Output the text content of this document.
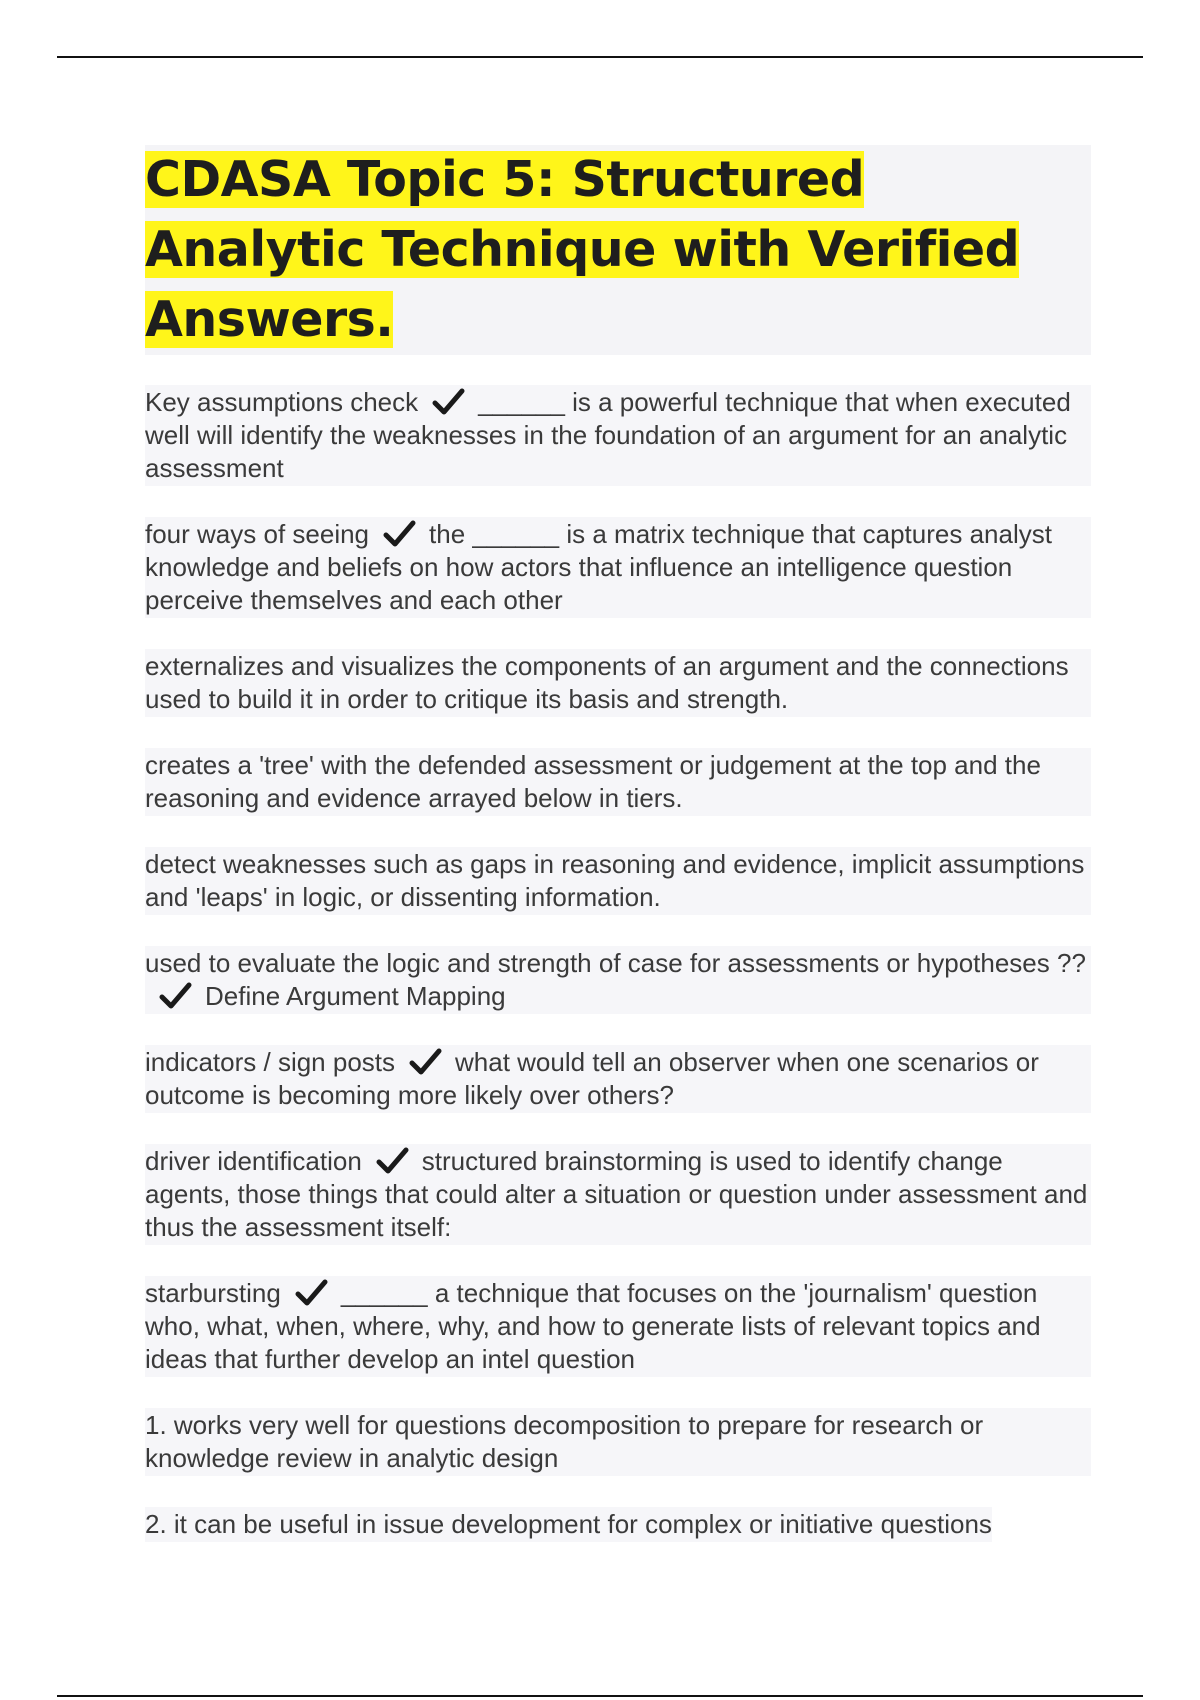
CDASA Topic 5: Structured Analytic Technique with Verified Answers.
Key assumptions check ______ is a powerful technique that when executed well will identify the weaknesses in the foundation of an argument for an analytic assessment
four ways of seeing the ______ is a matrix technique that captures analyst knowledge and beliefs on how actors that influence an intelligence question perceive themselves and each other
externalizes and visualizes the components of an argument and the connections used to build it in order to critique its basis and strength.
creates a 'tree' with the defended assessment or judgement at the top and the reasoning and evidence arrayed below in tiers.
detect weaknesses such as gaps in reasoning and evidence, implicit assumptions and 'leaps' in logic, or dissenting information.
used to evaluate the logic and strength of case for assessments or hypotheses ??
Define Argument Mapping
indicators / sign posts what would tell an observer when one scenarios or outcome is becoming more likely over others?
driver identification structured brainstorming is used to identify change agents, those things that could alter a situation or question under assessment and thus the assessment itself:
starbursting ______ a technique that focuses on the 'journalism' question who, what, when, where, why, and how to generate lists of relevant topics and ideas that further develop an intel question
1. works very well for questions decomposition to prepare for research or knowledge review in analytic design
2. it can be useful in issue development for complex or initiative questions
